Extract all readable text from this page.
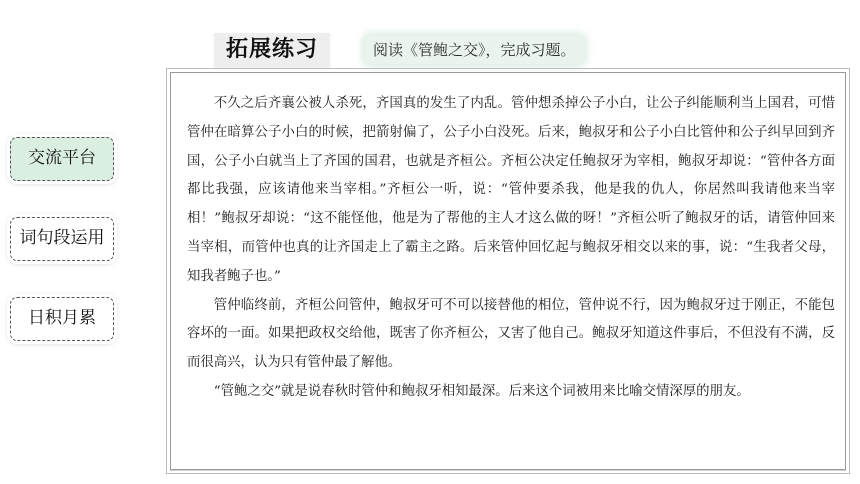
拓展练习	阅读《管鲍之交》，完成习题。
交流平台
词句段运用
日积月累

不久之后齐襄公被人杀死，齐国真的发生了内乱。管仲想杀掉公子小白，让公子纠能顺利当上国君，可惜管仲在暗算公子小白的时候，把箭射偏了，公子小白没死。后来，鲍叔牙和公子小白比管仲和公子纠早回到齐国，公子小白就当上了齐国的国君，也就是齐桓公。齐桓公决定任鲍叔牙为宰相，鲍叔牙却说：“管仲各方面都比我强，应该请他来当宰相。”齐桓公一听，说：“管仲要杀我，他是我的仇人，你居然叫我请他来当宰相！”鲍叔牙却说：“这不能怪他，他是为了帮他的主人才这么做的呀！”齐桓公听了鲍叔牙的话，请管仲回来当宰相，而管仲也真的让齐国走上了霸主之路。后来管仲回忆起与鲍叔牙相交以来的事，说：“生我者父母，知我者鲍子也。”

管仲临终前，齐桓公问管仲，鲍叔牙可不可以接替他的相位，管仲说不行，因为鲍叔牙过于刚正，不能包容坏的一面。如果把政权交给他，既害了你齐桓公，又害了他自己。鲍叔牙知道这件事后，不但没有不满，反而很高兴，认为只有管仲最了解他。

“管鲍之交”就是说春秋时管仲和鲍叔牙相知最深。后来这个词被用来比喻交情深厚的朋友。
